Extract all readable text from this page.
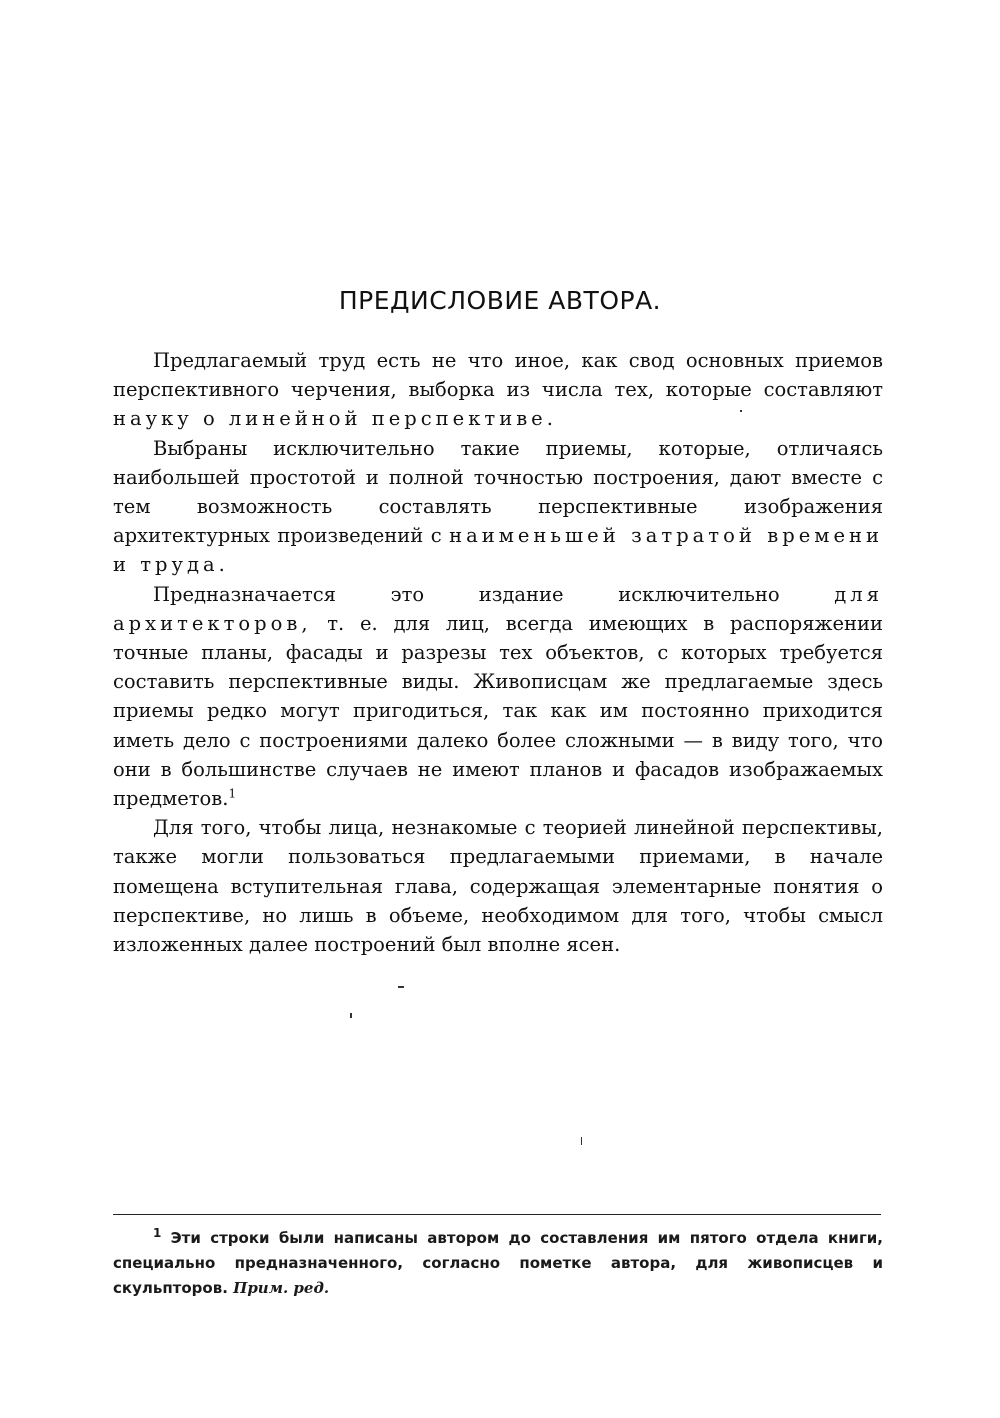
ПРЕДИСЛОВИЕ АВТОРА.

Предлагаемый труд есть не что иное, как свод основных приемов перспективного черчения, выборка из числа тех, которые составляют науку о линейной перспективе.

Выбраны исключительно такие приемы, которые, отличаясь наибольшей простотой и полной точностью построения, дают вместе с тем возможность составлять перспективные изображения архитектурных произведений с наименьшей затратой времени и труда.

Предназначается это издание исключительно для архитекторов, т. е. для лиц, всегда имеющих в распоряжении точные планы, фасады и разрезы тех объектов, с которых требуется составить перспективные виды. Живописцам же предлагаемые здесь приемы редко могут пригодиться, так как им постоянно приходится иметь дело с построениями далеко более сложными — в виду того, что они в большинстве случаев не имеют планов и фасадов изображаемых предметов.$^1$

Для того, чтобы лица, незнакомые с теорией линейной перспективы, также могли пользоваться предлагаемыми приемами, в начале помещена вступительная глава, содержащая элементарные понятия о перспективе, но лишь в объеме, необходимом для того, чтобы смысл изложенных далее построений был вполне ясен.

$^1$ Эти строки были написаны автором до составления им пятого отдела книги, специально предназначенного, согласно пометке автора, для живописцев и скульпторов. Прим. ред.
